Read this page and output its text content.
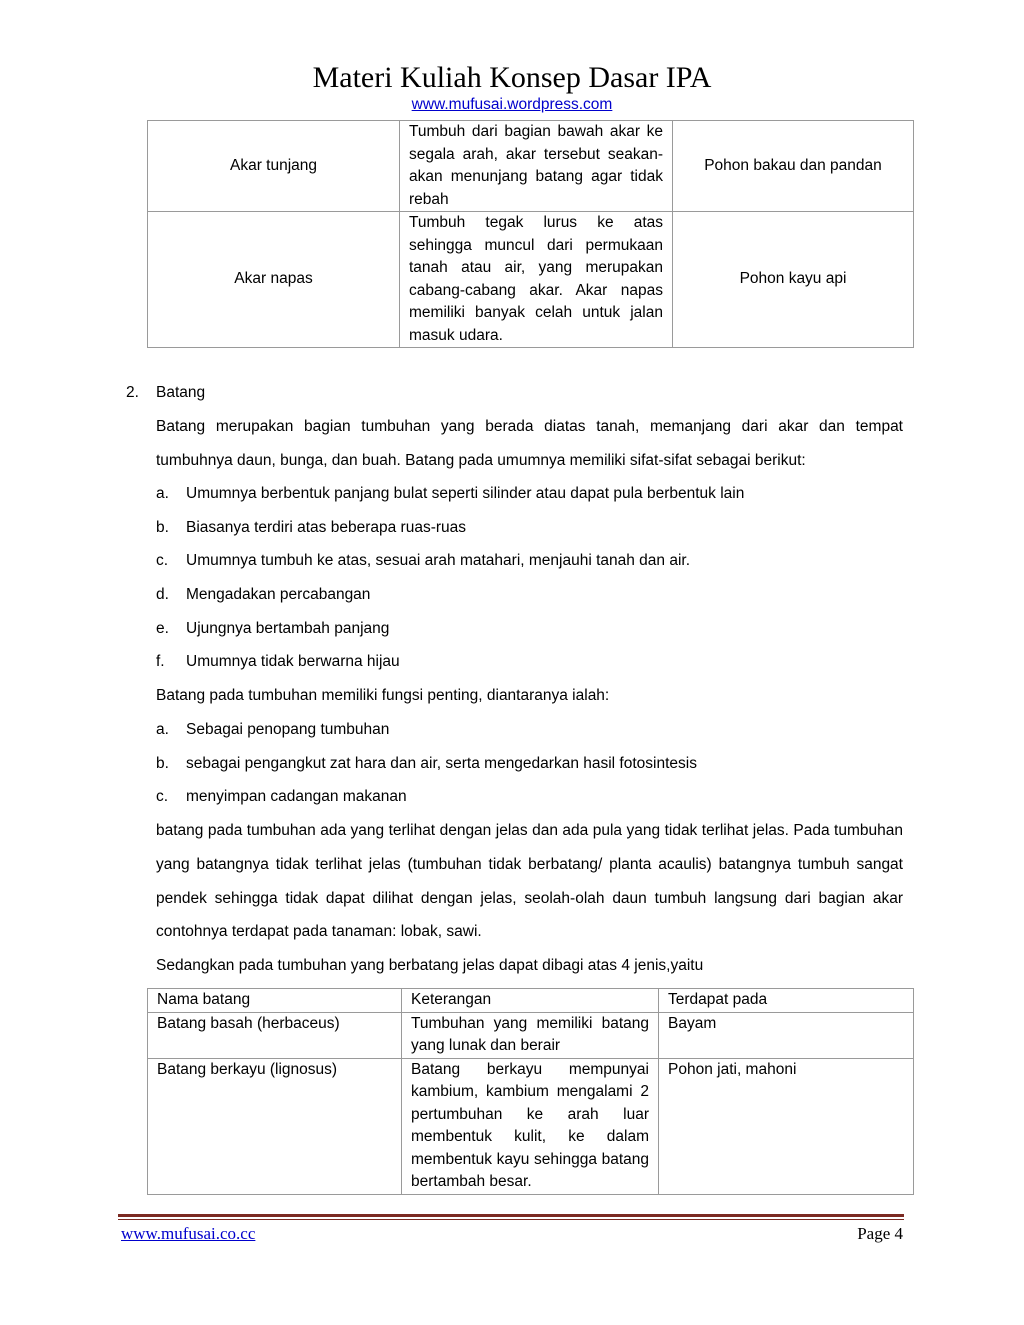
Materi Kuliah Konsep Dasar IPA
www.mufusai.wordpress.com
Akar tunjang	Tumbuh dari bagian bawah akar ke segala arah, akar tersebut seakan-akan menunjang batang agar tidak rebah	Pohon bakau dan pandan
Akar napas	Tumbuh tegak lurus ke atas sehingga muncul dari permukaan tanah atau air, yang merupakan cabang-cabang akar. Akar napas memiliki banyak celah untuk jalan masuk udara.	Pohon kayu api
2. Batang
Batang merupakan bagian tumbuhan yang berada diatas tanah, memanjang dari akar dan tempat tumbuhnya daun, bunga, dan buah. Batang pada umumnya memiliki sifat-sifat sebagai berikut:
a. Umumnya berbentuk panjang bulat seperti silinder atau dapat pula berbentuk lain
b. Biasanya terdiri atas beberapa ruas-ruas
c. Umumnya tumbuh ke atas, sesuai arah matahari, menjauhi tanah dan air.
d. Mengadakan percabangan
e. Ujungnya bertambah panjang
f. Umumnya tidak berwarna hijau
Batang pada tumbuhan memiliki fungsi penting, diantaranya ialah:
a. Sebagai penopang tumbuhan
b. sebagai pengangkut zat hara dan air, serta mengedarkan hasil fotosintesis
c. menyimpan cadangan makanan
batang pada tumbuhan ada yang terlihat dengan jelas dan ada pula yang tidak terlihat jelas. Pada tumbuhan yang batangnya tidak terlihat jelas (tumbuhan tidak berbatang/ planta acaulis) batangnya tumbuh sangat pendek sehingga tidak dapat dilihat dengan jelas, seolah-olah daun tumbuh langsung dari bagian akar contohnya terdapat pada tanaman: lobak, sawi.
Sedangkan pada tumbuhan yang berbatang jelas dapat dibagi atas 4 jenis,yaitu
Nama batang	Keterangan	Terdapat pada
Batang basah (herbaceus)	Tumbuhan yang memiliki batang yang lunak dan berair	Bayam
Batang berkayu (lignosus)	Batang berkayu mempunyai kambium, kambium mengalami 2 pertumbuhan ke arah luar membentuk kulit, ke dalam membentuk kayu sehingga batang bertambah besar.	Pohon jati, mahoni
www.mufusai.co.cc	Page 4
